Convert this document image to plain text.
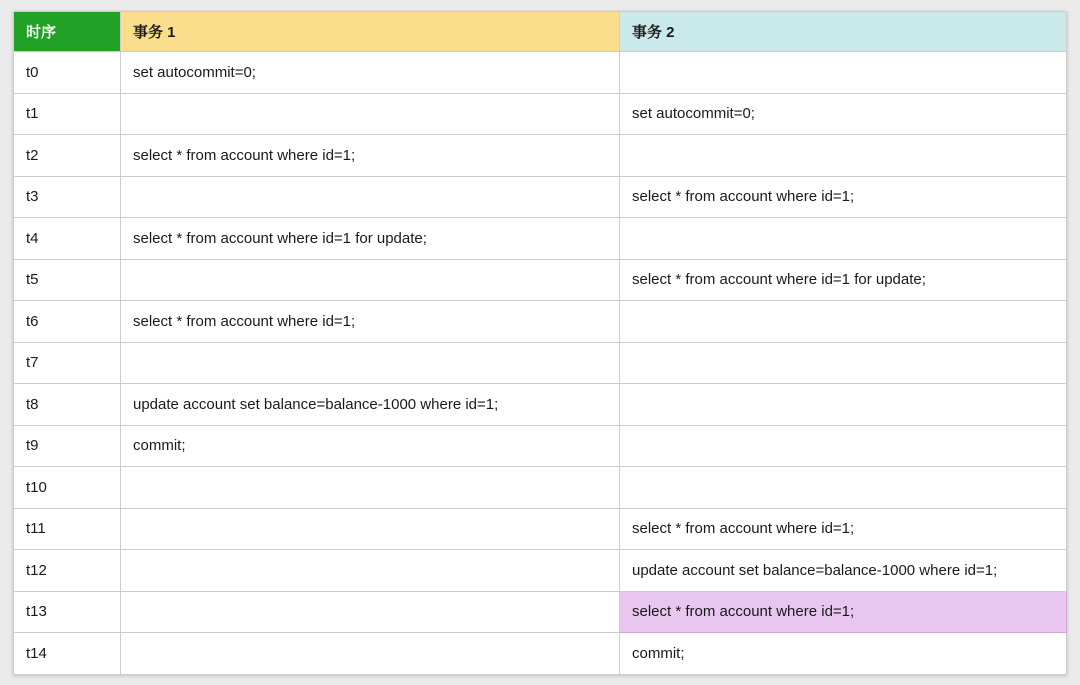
时序	事务 1	事务 2
t0	set autocommit=0;	
t1		set autocommit=0;
t2	select * from account where id=1;	
t3		select * from account where id=1;
t4	select * from account where id=1 for update;	
t5		select * from account where id=1 for update;
t6	select * from account where id=1;	
t7		
t8	update account set balance=balance-1000 where id=1;	
t9	commit;	
t10		
t11		select * from account where id=1;
t12		update account set balance=balance-1000 where id=1;
t13		select * from account where id=1;
t14		commit;
